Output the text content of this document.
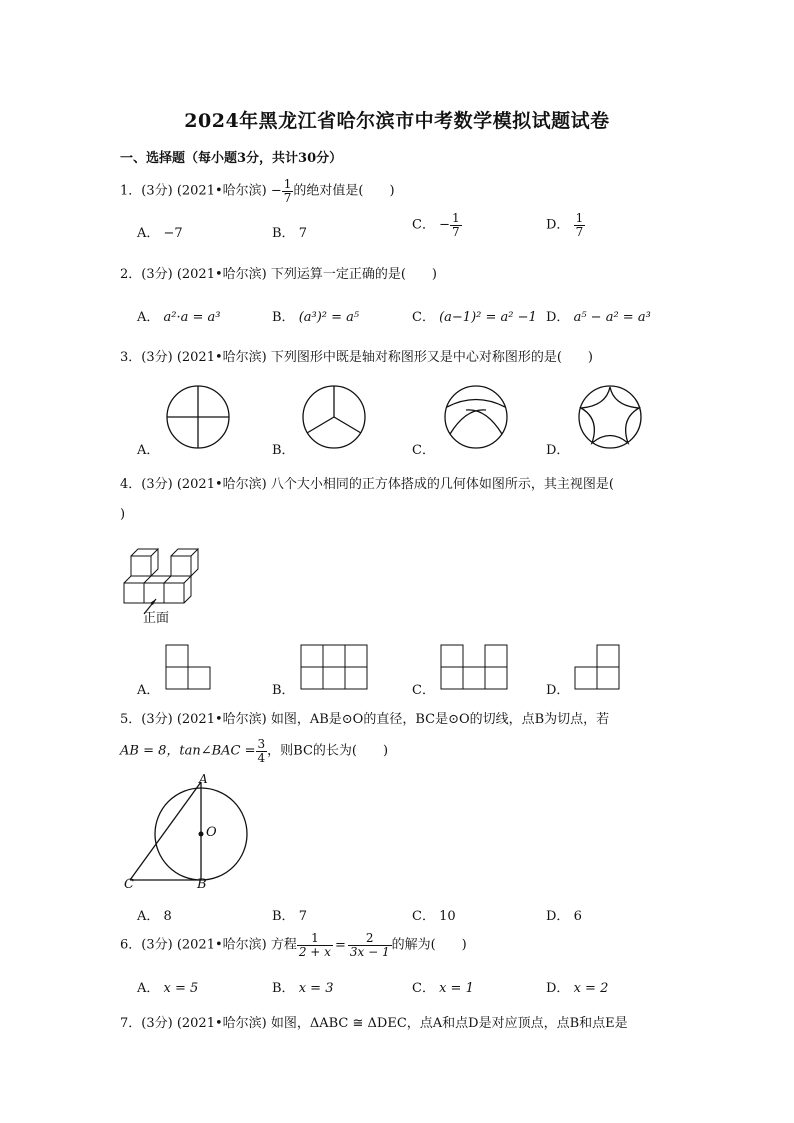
2024年黑龙江省哈尔滨市中考数学模拟试题试卷
一、选择题（每小题3分，共计30分）
1．(3分) (2021•哈尔滨) − $\frac{1}{7}$ 的绝对值是(　　)
A． −7	B． 7
C． − $\frac{1}{7}$	D． $\frac{1}{7}$
2．(3分) (2021•哈尔滨) 下列运算一定正确的是(　　)
A． a²·a = a³	B． (a³)² = a⁵	C． (a−1)² = a² −1 D． a⁵ − a² = a³
3．(3分) (2021•哈尔滨) 下列图形中既是轴对称图形又是中心对称图形的是(　　)
A．	B．	C．	D．
4．(3分) (2021•哈尔滨) 八个大小相同的正方体搭成的几何体如图所示，其主视图是(
)
正面
A．	B．	C．	D．
5．(3分) (2021•哈尔滨) 如图，AB是⊙O的直径，BC是⊙O的切线，点B为切点，若
AB = 8，tan∠BAC = $\frac{3}{4}$ ，则BC的长为(　　)
A
O
C	B
A． 8	B． 7	C． 10	D． 6
6．(3分) (2021•哈尔滨) 方程 $\frac{1}{2 + x} = \frac{2}{3x - 1}$ 的解为(　　)
A． x = 5	B． x = 3	C． x = 1	D． x = 2
7．(3分) (2021•哈尔滨) 如图，ΔABC ≅ ΔDEC，点A和点D是对应顶点，点B和点E是
